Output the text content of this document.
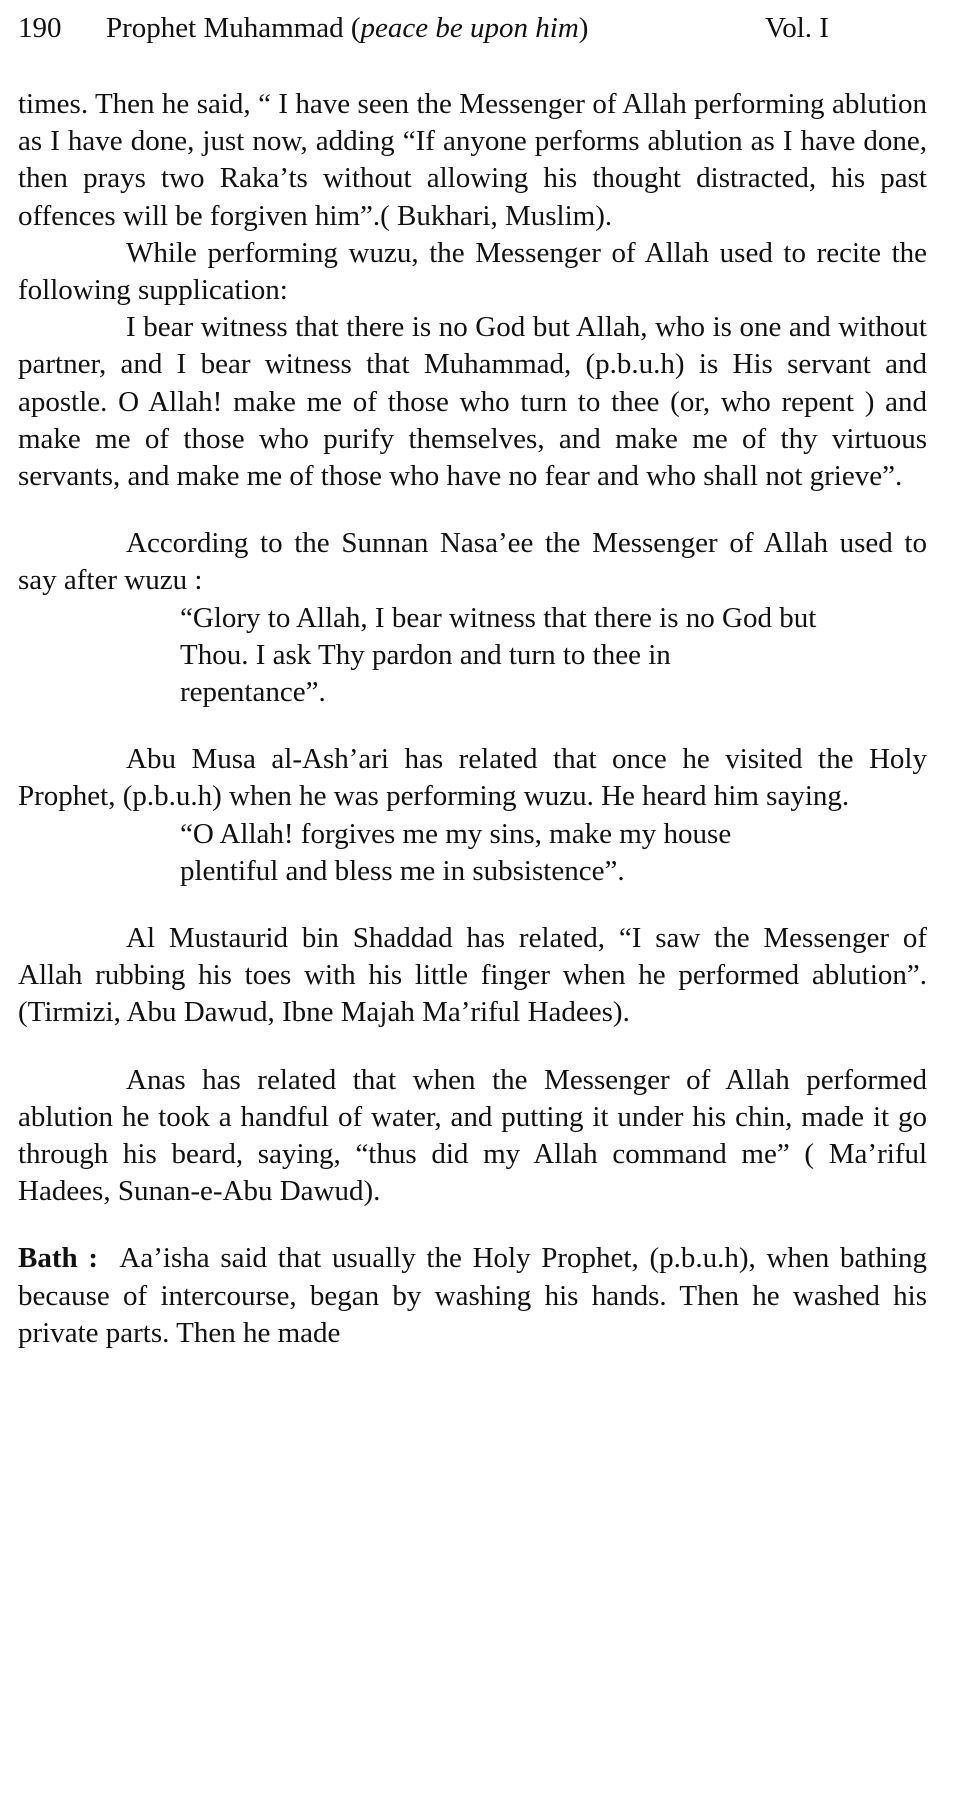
190 Prophet Muhammad (peace be upon him)	Vol. I

times. Then he said, “ I have seen the Messenger of Allah performing ablution as I have done, just now, adding “If anyone performs ablution as I have done, then prays two Raka’ts without allowing his thought distracted, his past offences will be forgiven him”.( Bukhari, Muslim).

While performing wuzu, the Messenger of Allah used to recite the following supplication:

I bear witness that there is no God but Allah, who is one and without partner, and I bear witness that Muhammad, (p.b.u.h) is His servant and apostle. O Allah! make me of those who turn to thee (or, who repent ) and make me of those who purify themselves, and make me of thy virtuous servants, and make me of those who have no fear and who shall not grieve”.

According to the Sunnan Nasa’ee the Messenger of Allah used to say after wuzu :

“Glory to Allah, I bear witness that there is no God but Thou. I ask Thy pardon and turn to thee in repentance”.

Abu Musa al-Ash’ari has related that once he visited the Holy Prophet, (p.b.u.h) when he was performing wuzu. He heard him saying.

“O Allah! forgives me my sins, make my house plentiful and bless me in subsistence”.

Al Mustaurid bin Shaddad has related, “I saw the Messenger of Allah rubbing his toes with his little finger when he performed ablution”. (Tirmizi, Abu Dawud, Ibne Majah Ma’riful Hadees).

Anas has related that when the Messenger of Allah performed ablution he took a handful of water, and putting it under his chin, made it go through his beard, saying, “thus did my Allah command me” ( Ma’riful Hadees, Sunan-e-Abu Dawud).

Bath : Aa’isha said that usually the Holy Prophet, (p.b.u.h), when bathing because of intercourse, began by washing his hands. Then he washed his private parts. Then he made
